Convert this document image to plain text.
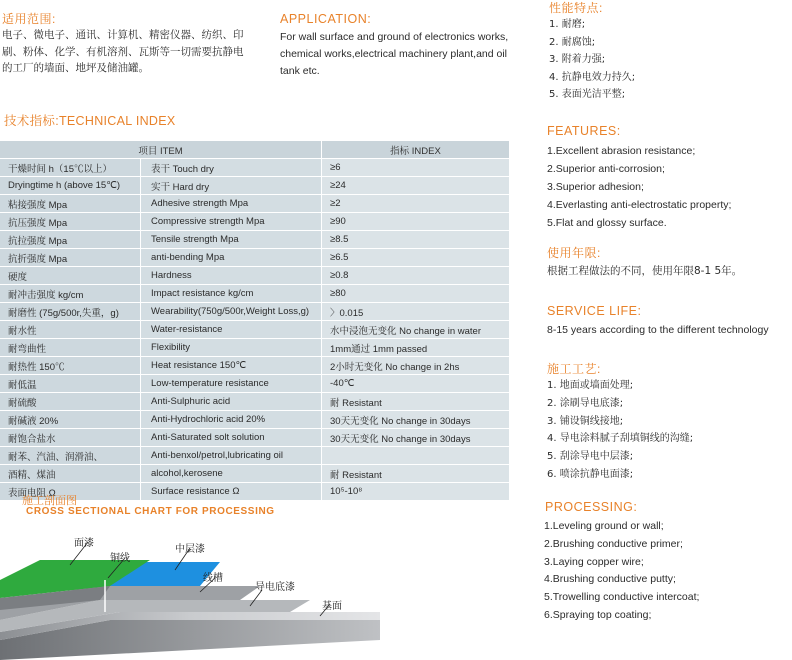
适用范围:
电子、微电子、通讯、计算机、精密仪器、纺织、印
刷、粉体、化学、有机溶剂、瓦斯等一切需要抗静电
的工厂的墙面、地坪及储油罐。
APPLICATION:
For wall surface and ground of electronics works,
chemical works,electrical machinery plant,and oil
tank etc.
性能特点:
1. 耐磨;
2. 耐腐蚀;
3. 附着力强;
4. 抗静电效力持久;
5. 表面光洁平整;
FEATURES:
1.Excellent abrasion resistance;
2.Superior anti-corrosion;
3.Superior adhesion;
4.Everlasting anti-electrostatic property;
5.Flat and glossy surface.
使用年限:
根据工程做法的不同，使用年限8-1 5年。
SERVICE LIFE:
8-15 years according to the different technology
施工工艺:
1. 地面或墙面处理;
2. 涂刷导电底漆;
3. 铺设铜线接地;
4. 导电涂料腻子刮填铜线的沟缝;
5. 刮涂导电中层漆;
6. 喷涂抗静电面漆;
PROCESSING:
1.Leveling ground or wall;
2.Brushing conductive primer;
3.Laying copper wire;
4.Brushing conductive putty;
5.Trowelling conductive intercoat;
6.Spraying top coating;
技术指标:TECHNICAL INDEX
项目 ITEM		指标 INDEX
干燥时间 h（15℃以上）	表干 Touch dry	≥6
Dryingtime h (above 15℃)	实干 Hard dry	≥24
粘接强度 Mpa	Adhesive strength Mpa	≥2
抗压强度 Mpa	Compressive strength Mpa	≥90
抗拉强度 Mpa	Tensile strength Mpa	≥8.5
抗折强度 Mpa	anti-bending Mpa	≥6.5
硬度	Hardness	≥0.8
耐冲击强度 kg/cm	Impact resistance kg/cm	≥80
耐磨性 (75g/500r,失重，g)	Wearability(750g/500r,Weight Loss,g)	〉0.015
耐水性	Water-resistance	水中浸泡无变化 No change in water
耐弯曲性	Flexibility	1mm通过 1mm passed
耐热性 150℃	Heat resistance 150℃	2小时无变化 No change in 2hs
耐低温	Low-temperature resistance	-40℃
耐硫酸	Anti-Sulphuric acid	耐 Resistant
耐碱液 20%	Anti-Hydrochloric acid 20%	30天无变化 No change in 30days
耐饱合盐水	Anti-Saturated solt solution	30天无变化 No change in 30days
耐苯、汽油、润滑油、	Anti-benxol/petrol,lubricating oil	
酒精、煤油	alcohol,kerosene	耐 Resistant
表面电阻 Ω	Surface resistance Ω	10⁵-10⁸
施工剖面图
CROSS SECTIONAL CHART FOR PROCESSING
面漆
铜线
中层漆
线槽
导电底漆
基面
